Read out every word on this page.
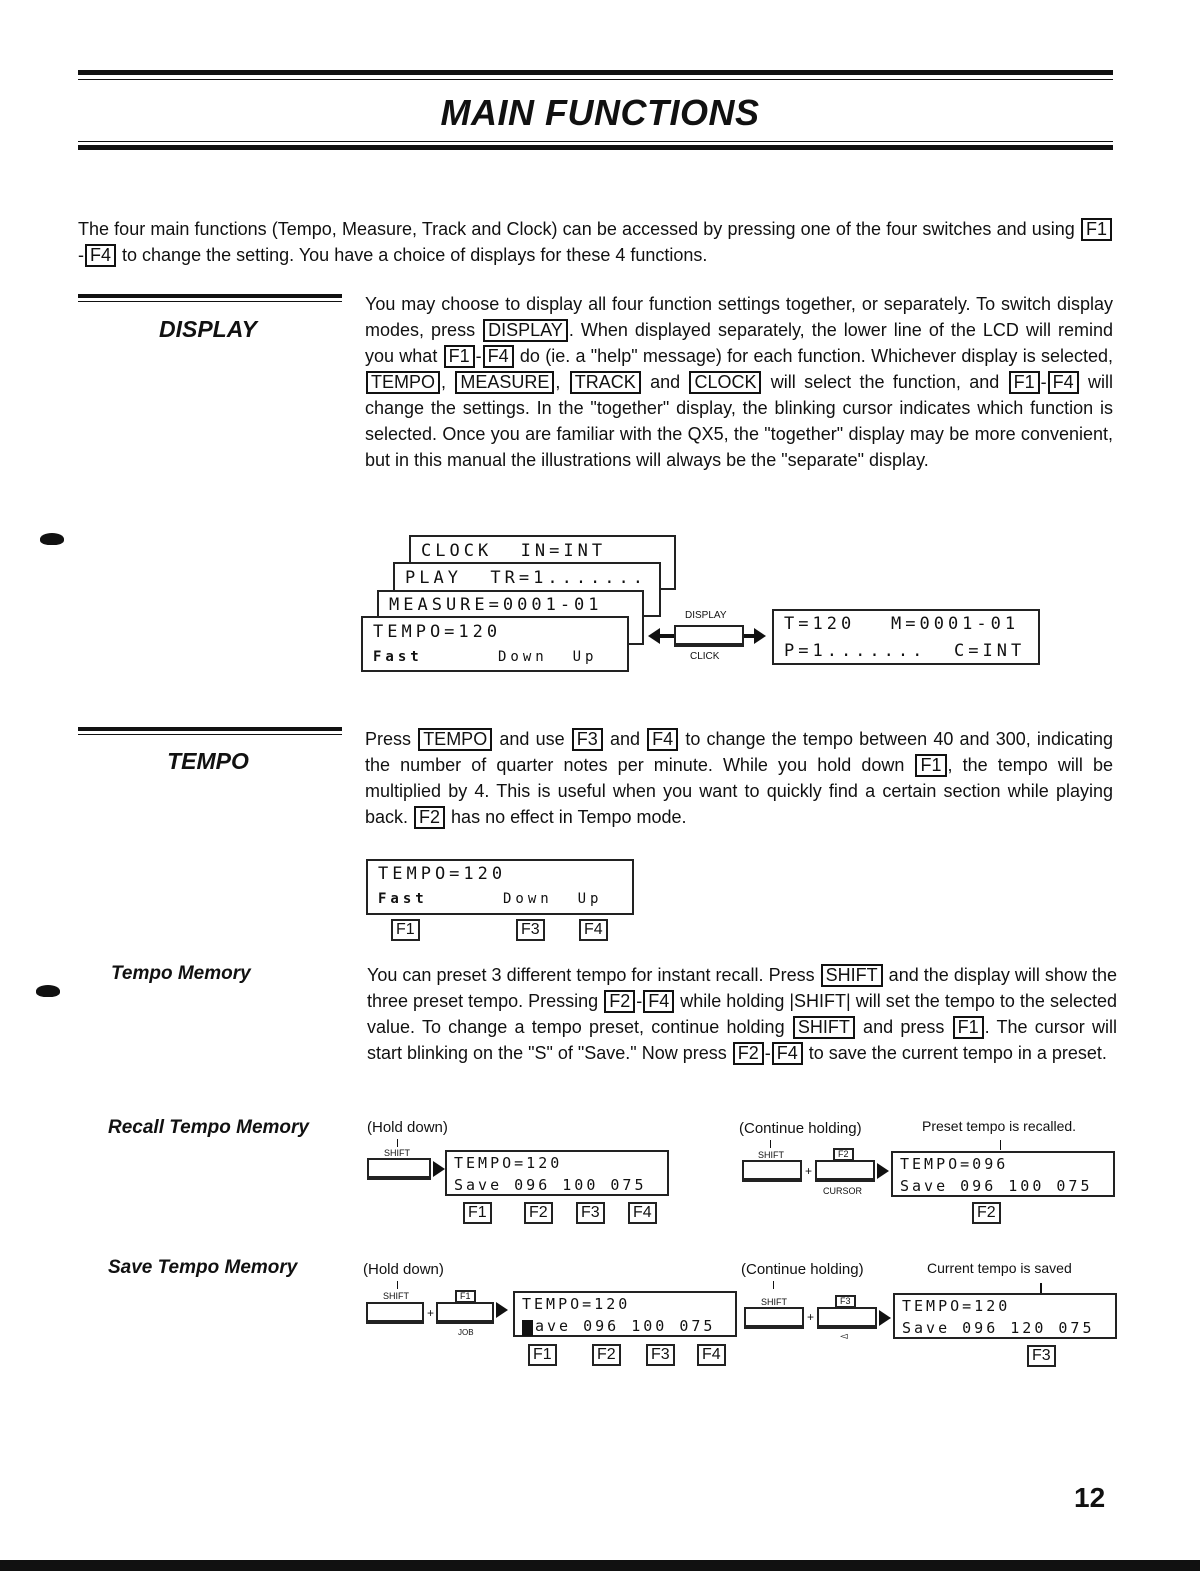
MAIN FUNCTIONS

The four main functions (Tempo, Measure, Track and Clock) can be accessed by pressing one of the four switches and using F1- F4 to change the setting. You have a choice of displays for these 4 functions.

DISPLAY

You may choose to display all four function settings together, or separately. To switch display modes, press DISPLAY . When displayed separately, the lower line of the LCD will remind you what F1 - F4 do (ie. a "help" message) for each function. Whichever display is selected, TEMPO , MEASURE , TRACK and CLOCK will select the function, and F1 - F4 will change the settings. In the "together" display, the blinking cursor indicates which function is selected. Once you are familiar with the QX5, the "together" display may be more convenient, but in this manual the illustrations will always be the "separate" display.

CLOCK  IN=INT
PLAY  TR=1.......
MEASURE=0001-01
TEMPO=120
Fast	Down  Up
DISPLAY
CLICK
T=120 M=0001-01
P=1....... C=INT
TEMPO

Press TEMPO and use F3 and F4 to change the tempo between 40 and 300, indicating the number of quarter notes per minute. While you hold down F1 , the tempo will be multiplied by 4. This is useful when you want to quickly find a certain section while playing back. F2 has no effect in Tempo mode.

TEMPO=120
Fast	Down  Up
F1	F3	F4
Tempo Memory	You can preset 3 different tempo for instant recall. Press SHIFT and the display will show the three preset tempo. Pressing F2 - F4 while holding |SHIFT| will set the tempo to the selected value. To change a tempo preset, continue holding SHIFT and press F1 . The cursor will start blinking on the "S" of "Save." Now press F2 - F4 to save the current tempo in a preset.

Recall Tempo Memory	(Hold down)
SHIFT
TEMPO=120
Save 096 100 075
F1	F2	F3	F4
(Continue holding)	Preset tempo is recalled.
SHIFT
+
F2
CURSOR
TEMPO=096
Save 096 100 075
F2
Save Tempo Memory	(Hold down)
SHIFT
+
F1
JOB
TEMPO=120
ave 096 100 075
F1	F2	F3	F4
(Continue holding)	Current tempo is saved
SHIFT
+
F3
◅
TEMPO=120
Save 096 120 075
F3
12
